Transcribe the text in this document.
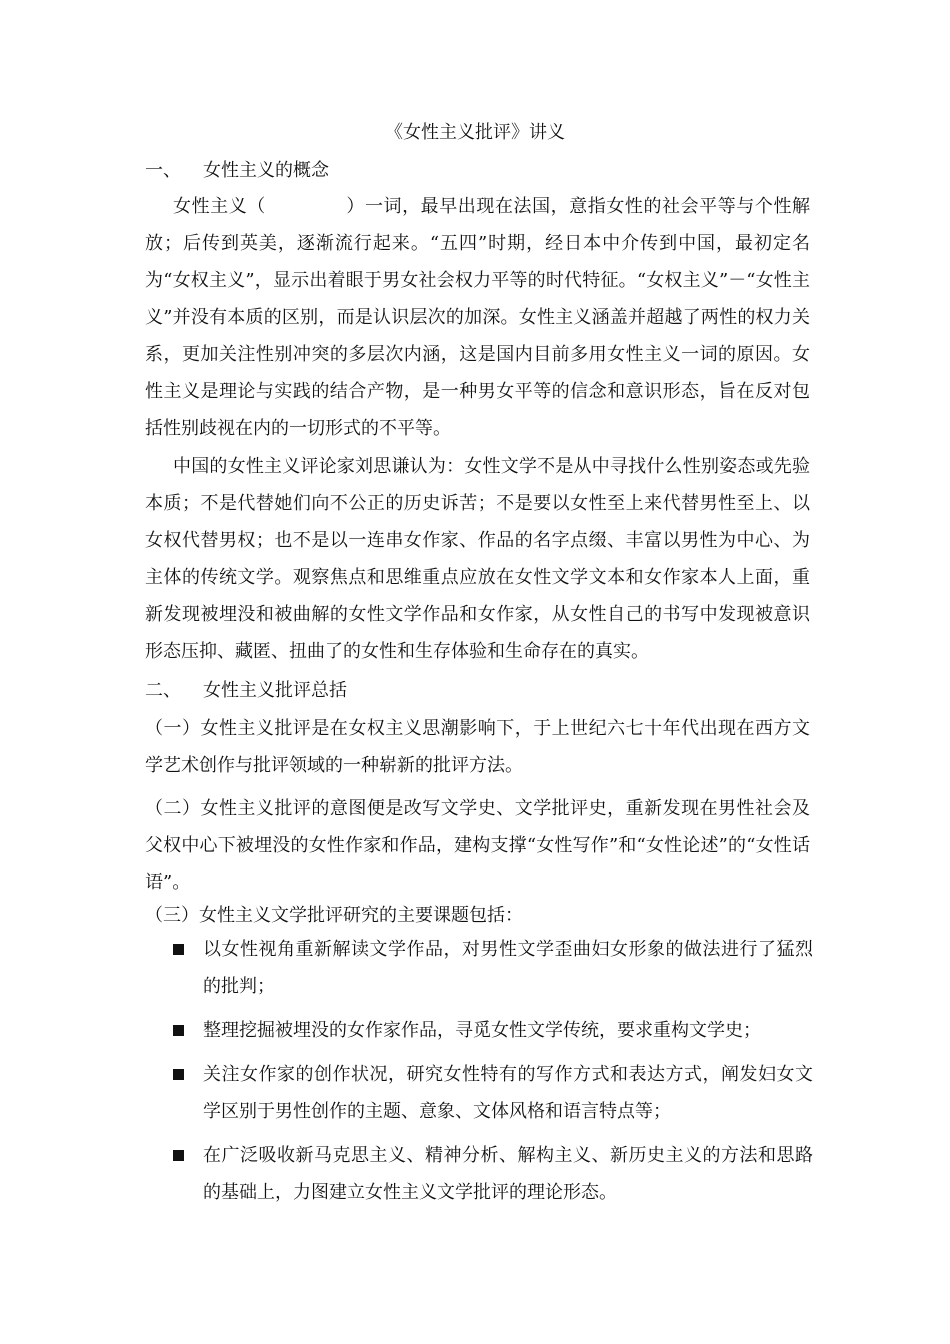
《女性主义批评》讲义
一、 女性主义的概念

女性主义（	）一词，最早出现在法国，意指女性的社会平等与个性解放；后传到英美，逐渐流行起来。“五四”时期，经日本中介传到中国，最初定名为“女权主义”，显示出着眼于男女社会权力平等的时代特征。“女权主义”－“女性主义”并没有本质的区别，而是认识层次的加深。女性主义涵盖并超越了两性的权力关系，更加关注性别冲突的多层次内涵，这是国内目前多用女性主义一词的原因。女性主义是理论与实践的结合产物，是一种男女平等的信念和意识形态，旨在反对包括性别歧视在内的一切形式的不平等。

中国的女性主义评论家刘思谦认为：女性文学不是从中寻找什么性别姿态或先验本质；不是代替她们向不公正的历史诉苦；不是要以女性至上来代替男性至上、以女权代替男权；也不是以一连串女作家、作品的名字点缀、丰富以男性为中心、为主体的传统文学。观察焦点和思维重点应放在女性文学文本和女作家本人上面，重新发现被埋没和被曲解的女性文学作品和女作家，从女性自己的书写中发现被意识形态压抑、藏匿、扭曲了的女性和生存体验和生命存在的真实。

二、 女性主义批评总括

（一）女性主义批评是在女权主义思潮影响下，于上世纪六七十年代出现在西方文学艺术创作与批评领域的一种崭新的批评方法。

（二）女性主义批评的意图便是改写文学史、文学批评史，重新发现在男性社会及父权中心下被埋没的女性作家和作品，建构支撑“女性写作”和“女性论述”的“女性话语”。

（三）女性主义文学批评研究的主要课题包括：

以女性视角重新解读文学作品，对男性文学歪曲妇女形象的做法进行了猛烈的批判；
整理挖掘被埋没的女作家作品，寻觅女性文学传统，要求重构文学史；
关注女作家的创作状况，研究女性特有的写作方式和表达方式，阐发妇女文学区别于男性创作的主题、意象、文体风格和语言特点等；
在广泛吸收新马克思主义、精神分析、解构主义、新历史主义的方法和思路的基础上，力图建立女性主义文学批评的理论形态。
